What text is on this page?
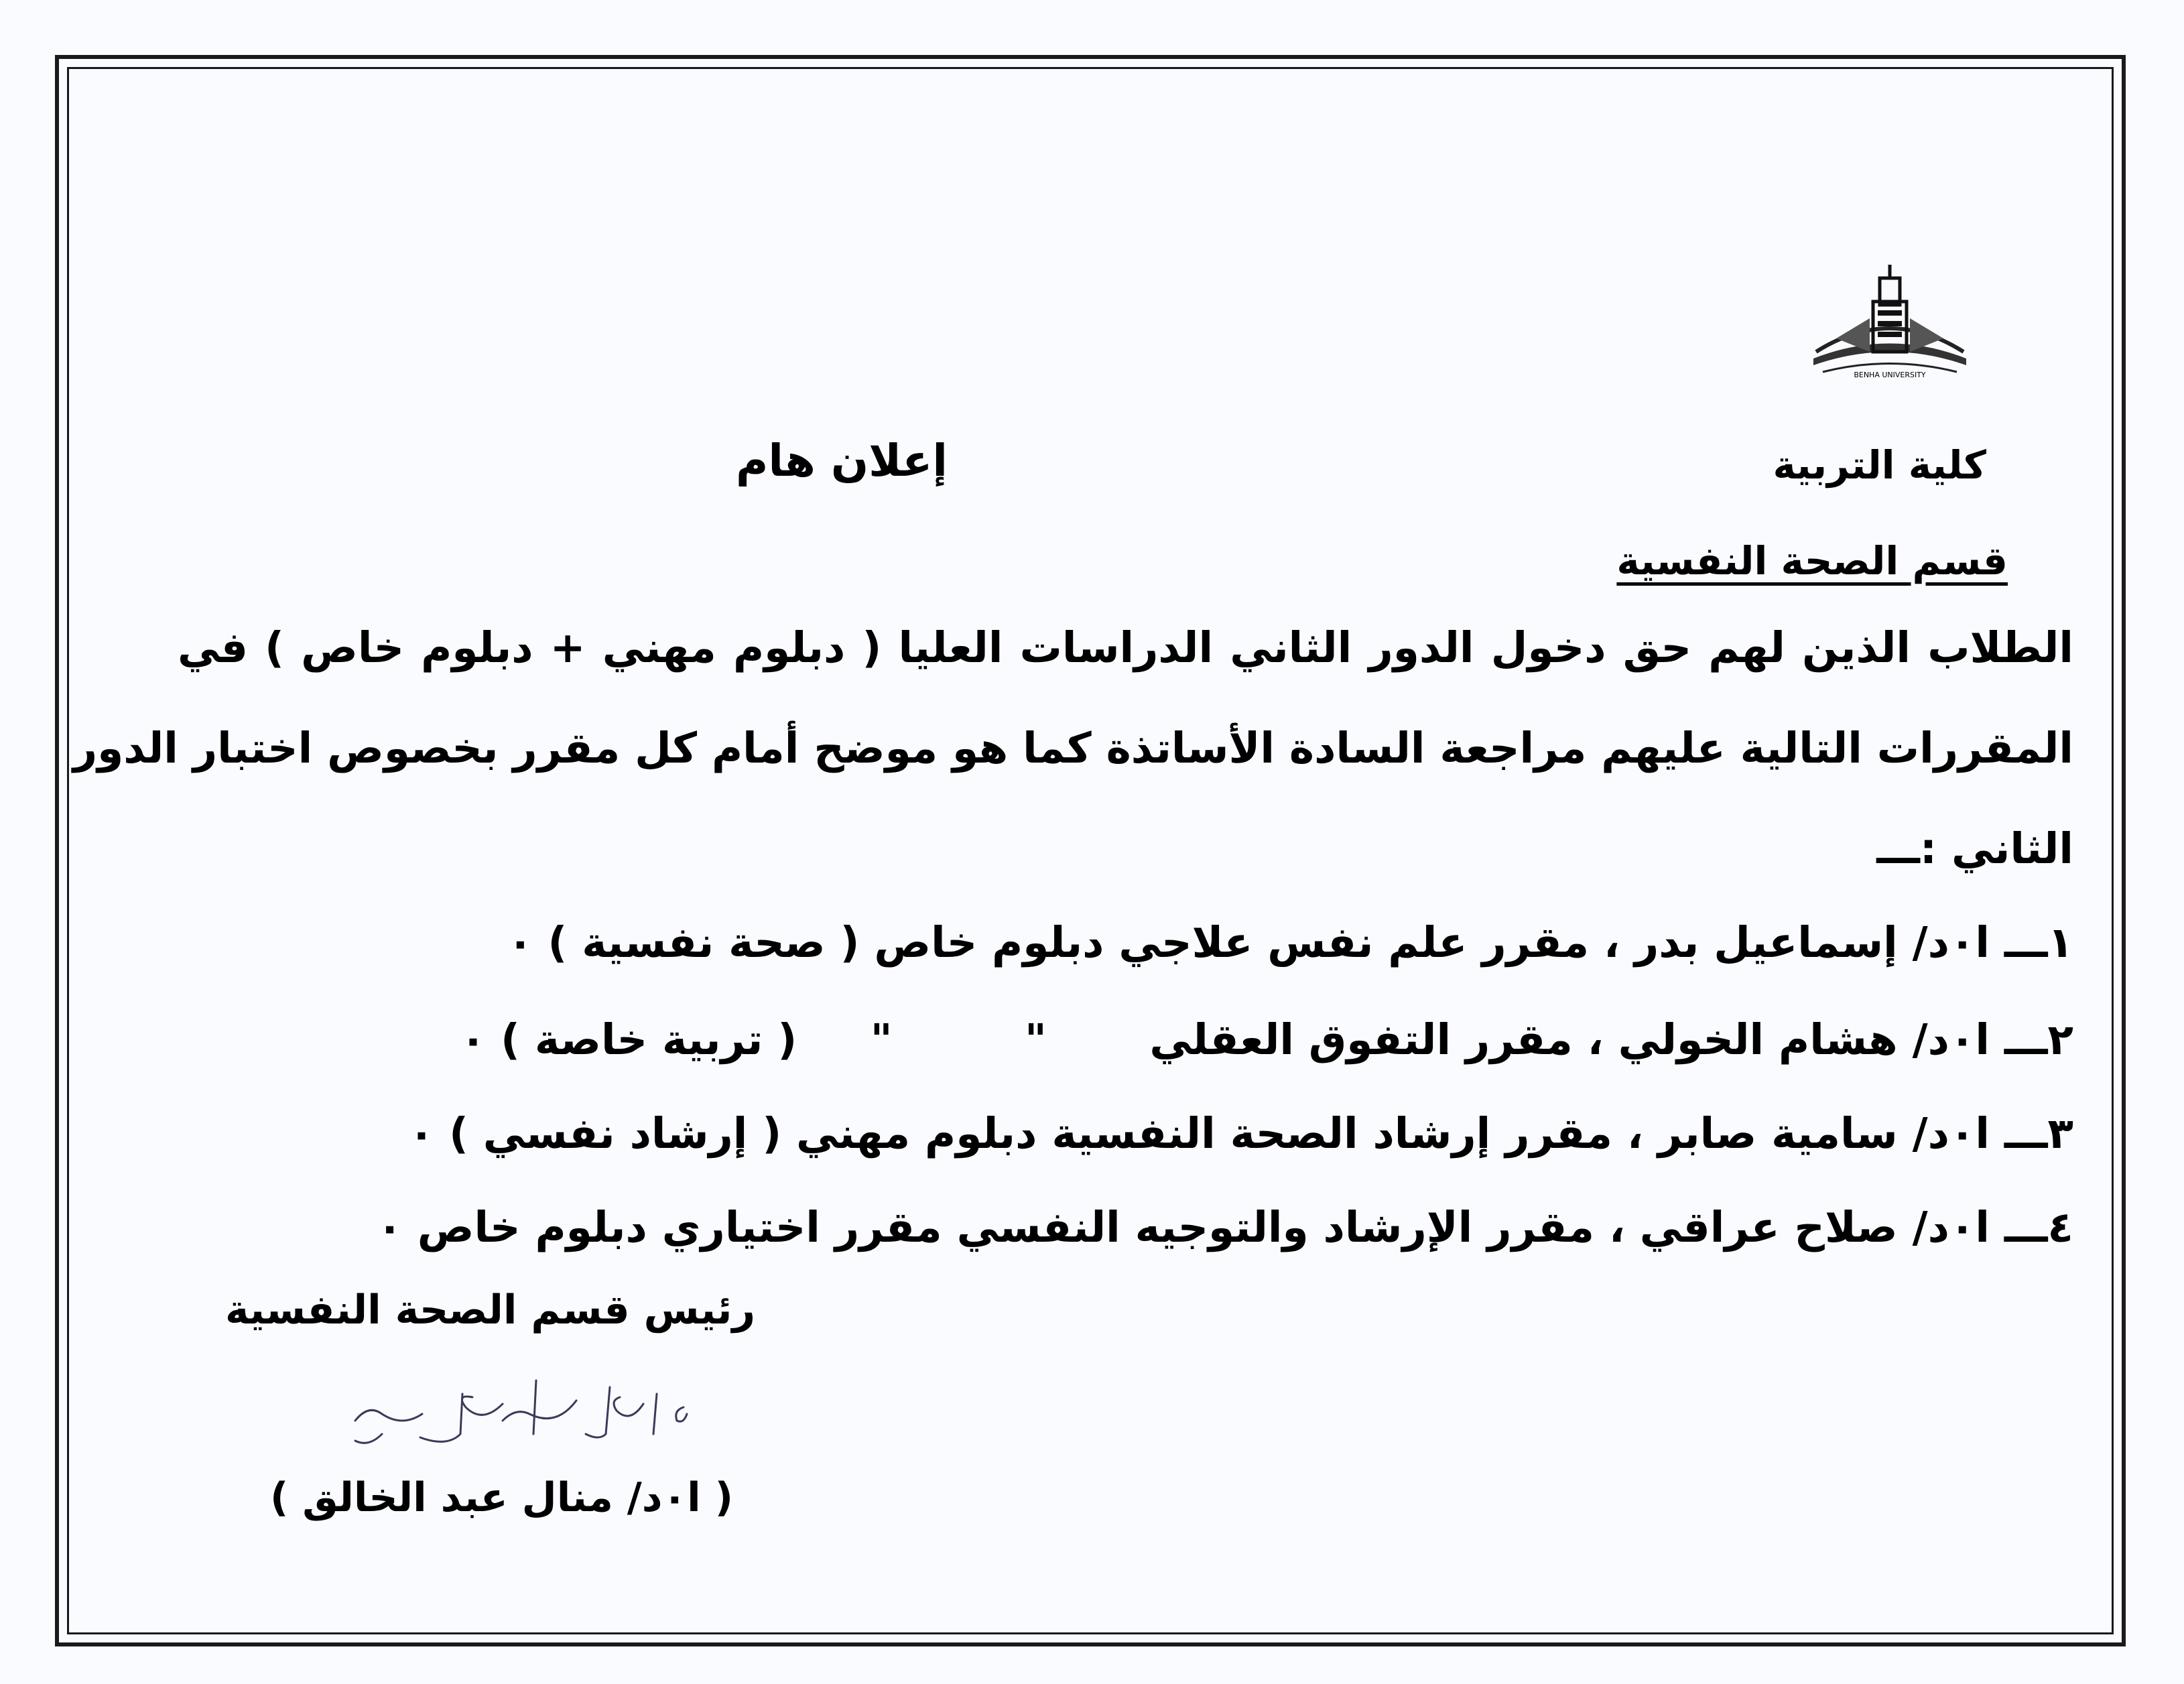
BENHA UNIVERSITY
كلية التربية
قسم الصحة النفسية
إعلان هام
الطلاب الذين لهم حق دخول الدور الثاني الدراسات العليا ( دبلوم مهني + دبلوم خاص ) في
المقررات التالية عليهم مراجعة السادة الأساتذة كما هو موضح أمام كل مقرر بخصوص اختبار الدور
الثاني :ـــ
١ـــ ا٠د/ إسماعيل بدر ، مقرر علم نفس علاجي دبلوم خاص ( صحة نفسية ) ٠
٢ـــ ا٠د/ هشام الخولي ، مقرر التفوق العقلي       "         "     ( تربية خاصة ) ٠
٣ـــ ا٠د/ سامية صابر ، مقرر إرشاد الصحة النفسية دبلوم مهني ( إرشاد نفسي ) ٠
٤ـــ ا٠د/ صلاح عراقي ، مقرر الإرشاد والتوجيه النفسي مقرر اختياري دبلوم خاص ٠
رئيس قسم الصحة النفسية
( ا٠د/ منال عبد الخالق )
